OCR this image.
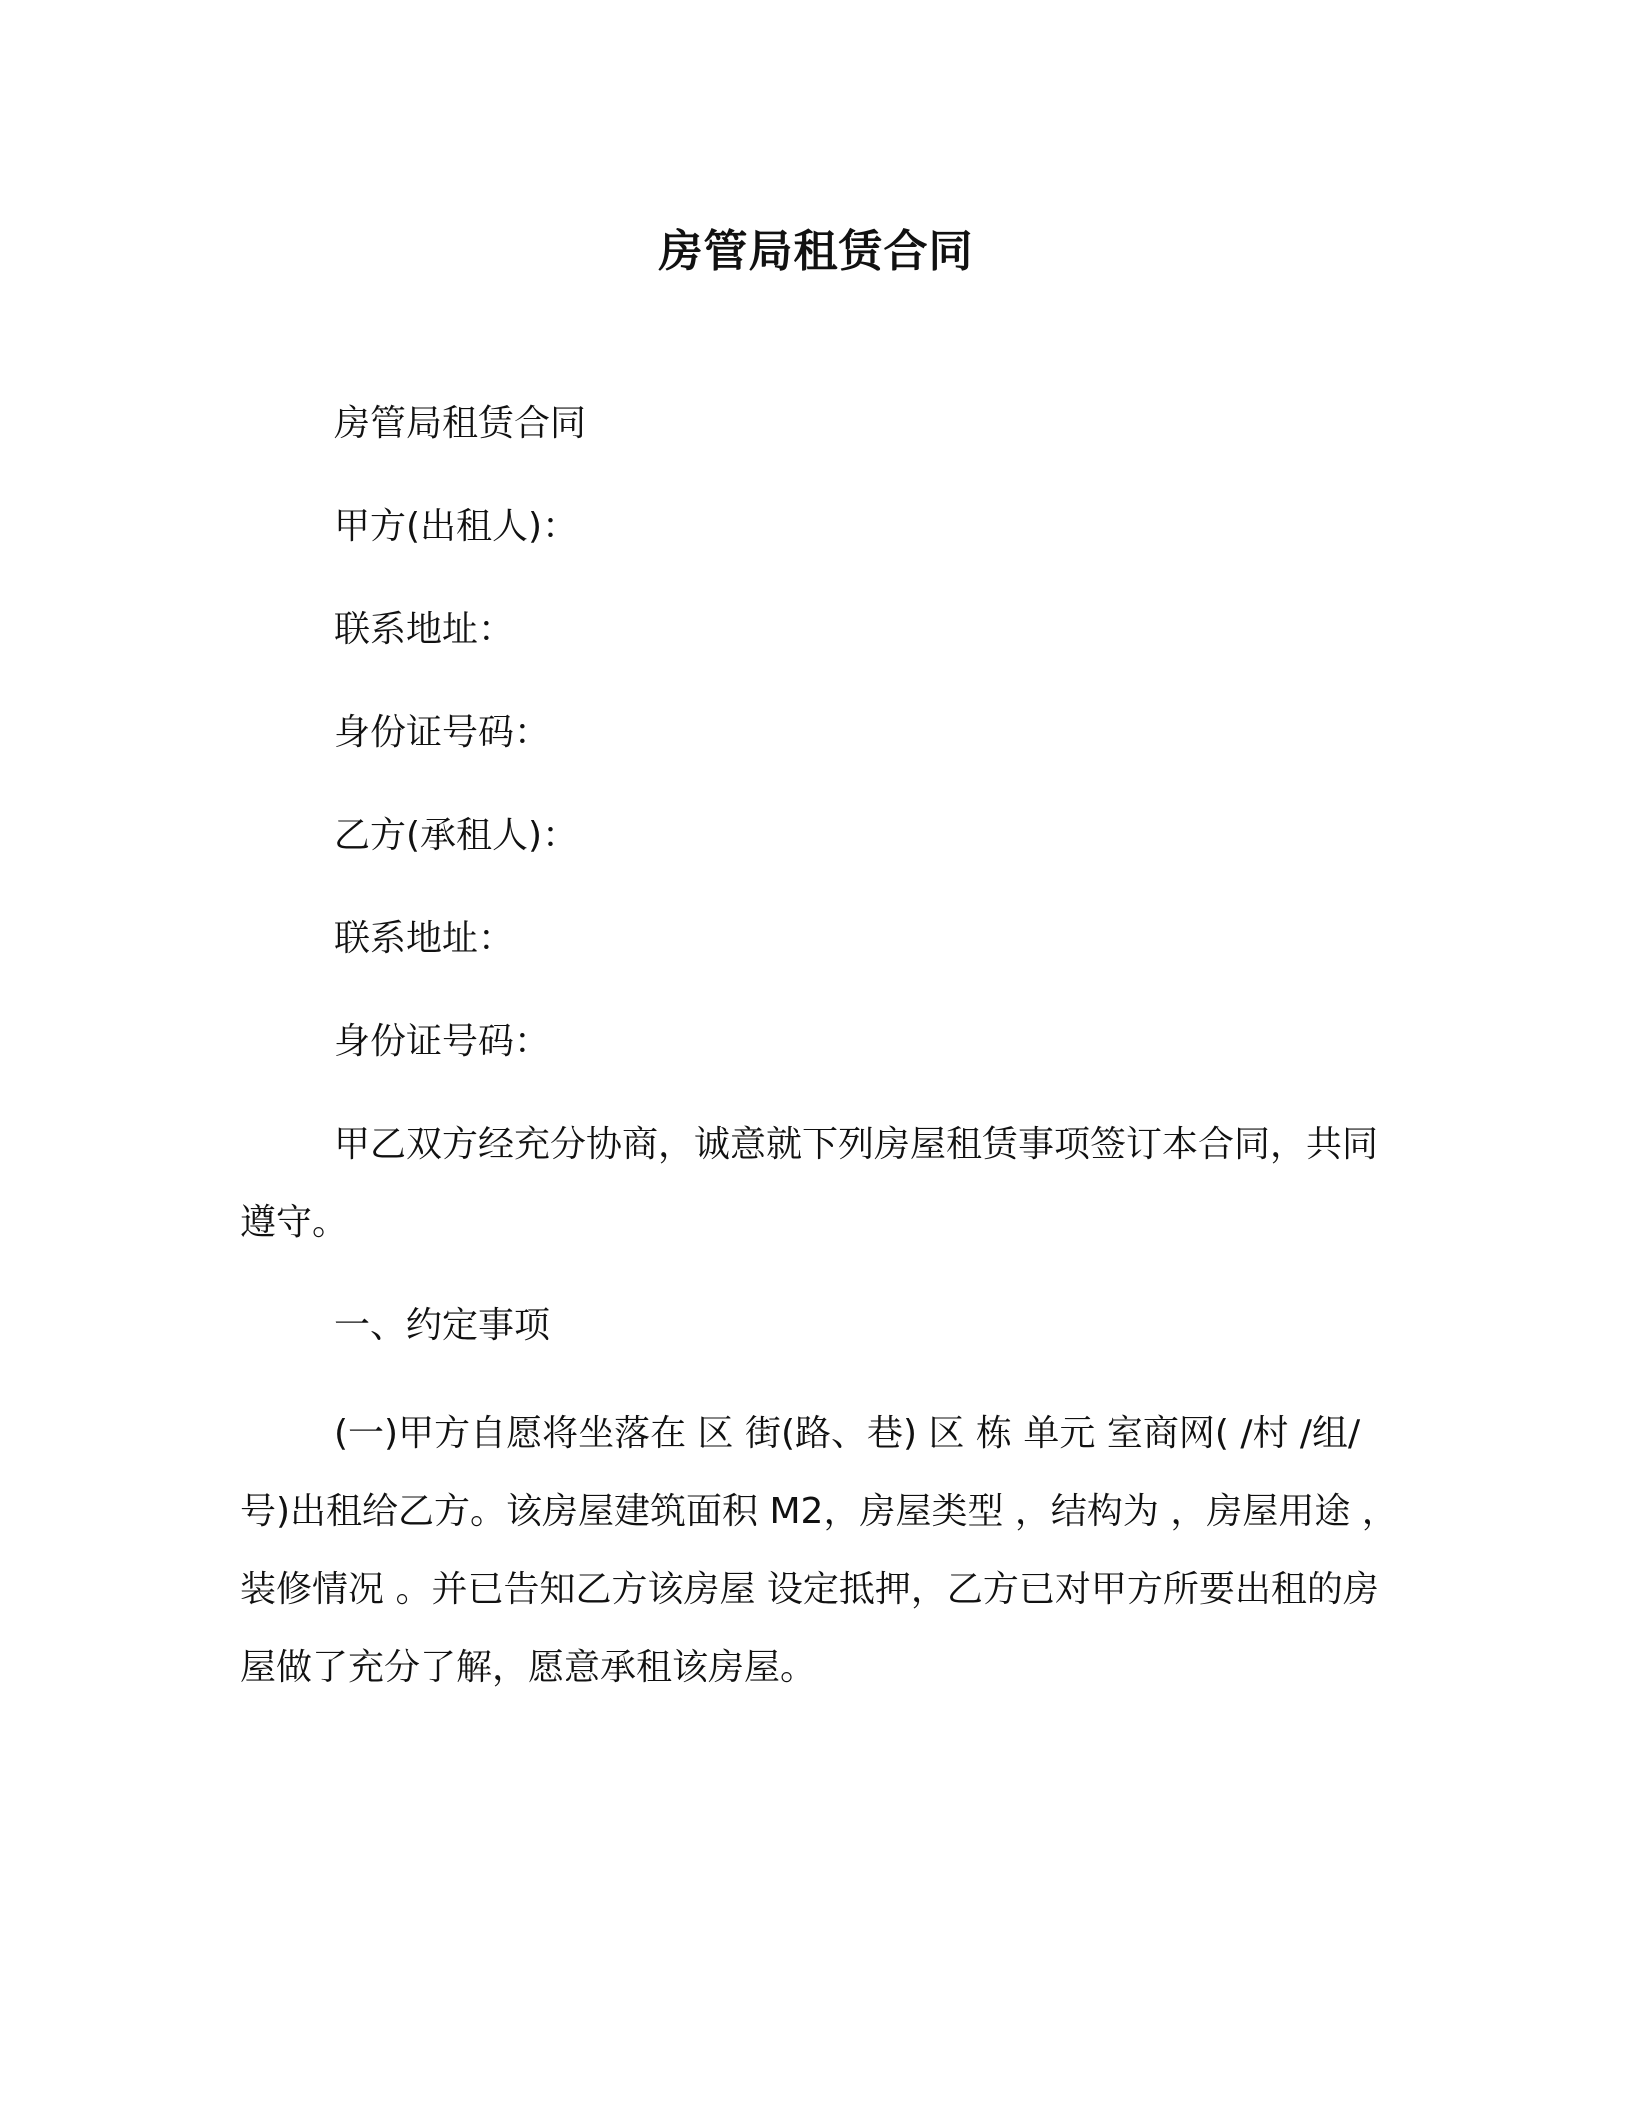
房管局租赁合同

房管局租赁合同

甲方(出租人)：

联系地址：

身份证号码：

乙方(承租人)：

联系地址：

身份证号码：

甲乙双方经充分协商，诚意就下列房屋租赁事项签订本合同，共同遵守。

一、约定事项

(一)甲方自愿将坐落在 区 街(路、巷) 区 栋 单元 室商网( /村 /组/ 号)出租给乙方。该房屋建筑面积 M2，房屋类型 ，结构为 ，房屋用途 ，装修情况 。并已告知乙方该房屋 设定抵押，乙方已对甲方所要出租的房屋做了充分了解，愿意承租该房屋。
